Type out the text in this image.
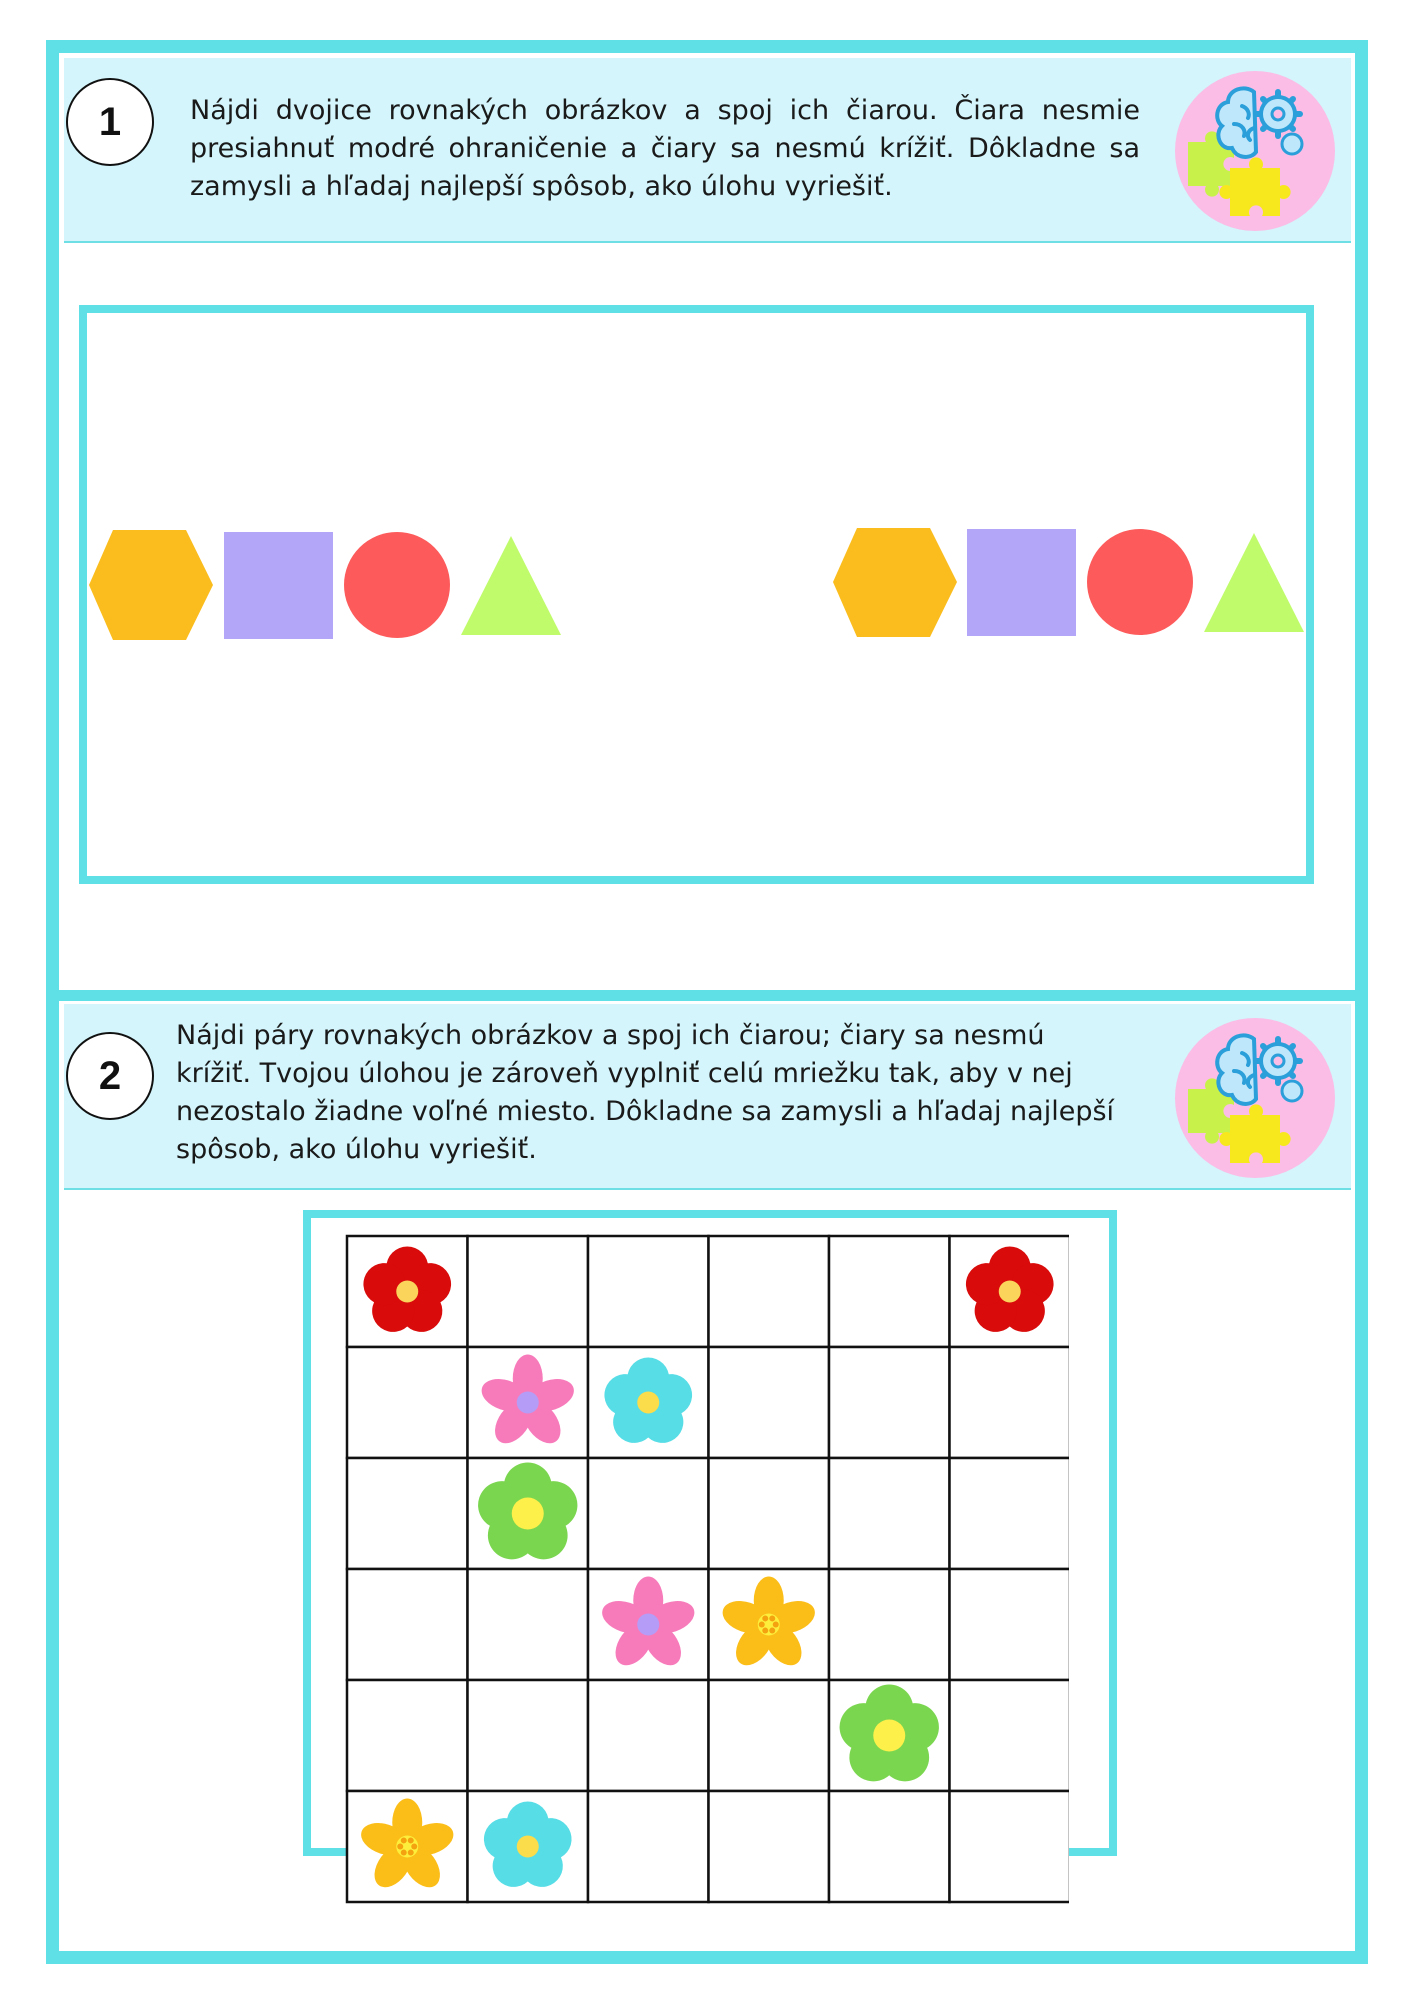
1	Nájdi dvojice rovnakých obrázkov a spoj ich čiarou. Čiara nesmie presiahnuť modré ohraničenie a čiary sa nesmú krížiť. Dôkladne sa zamysli a hľadaj najlepší spôsob, ako úlohu vyriešiť.
2
Nájdi páry rovnakých obrázkov a spoj ich čiarou; čiary sa nesmú krížiť. Tvojou úlohou je zároveň vyplniť celú mriežku tak, aby v nej nezostalo žiadne voľné miesto. Dôkladne sa zamysli a hľadaj najlepší spôsob, ako úlohu vyriešiť.
